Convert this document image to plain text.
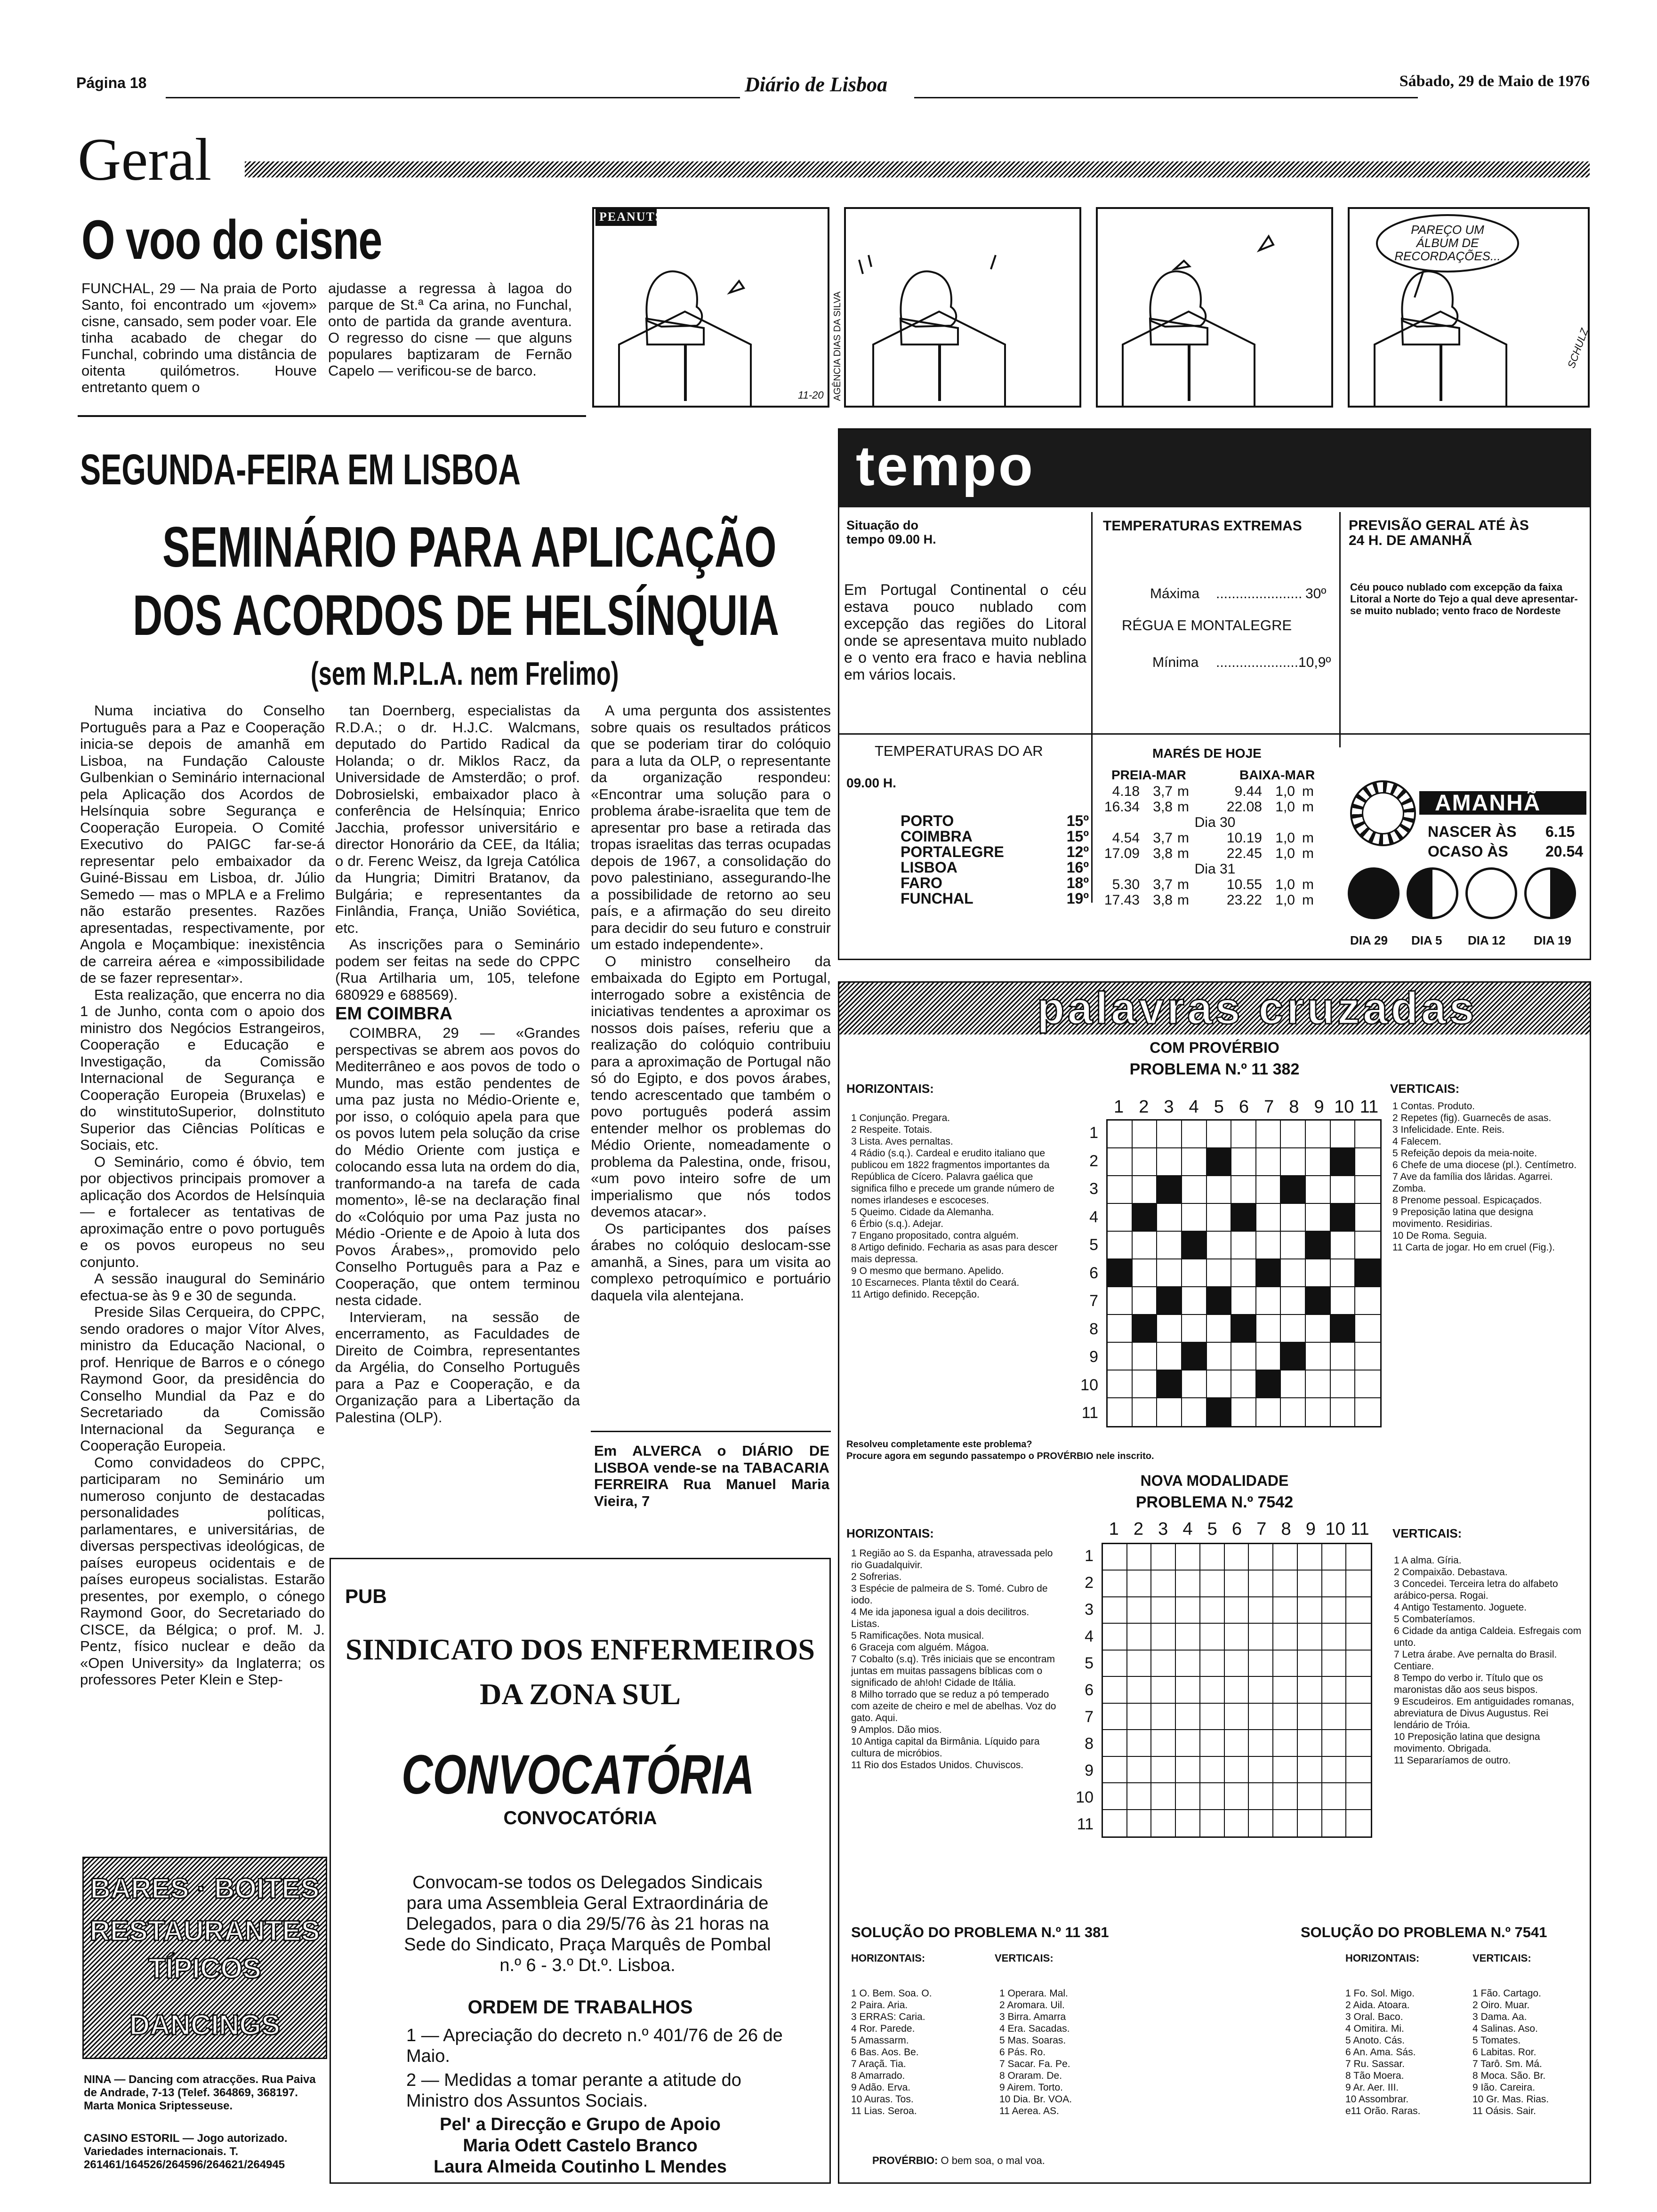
Página 18	Diário de Lisboa	Sábado, 29 de Maio de 1976
Geral
O voo do cisne
FUNCHAL, 29 — Na praia de Porto Santo, foi encontrado um «jovem» cisne, cansado, sem poder voar. Ele tinha acabado de chegar do Funchal, cobrindo uma distância de oitenta quilómetros. Houve entretanto quem o
ajudasse a regressa à lagoa do parque de St.ª Ca arina, no Funchal, onto de partida da grande aventura. O regresso do cisne — que alguns populares baptizaram de Fernão Capelo — verificou-se de barco.
PEANUTS
PAREÇO UM ÁLBUM DE RECORDAÇÕES...
AGÊNCIA DIAS DA SILVA
11-20
SCHULZ
SEGUNDA-FEIRA EM LISBOA
SEMINÁRIO PARA APLICAÇÃO
DOS ACORDOS DE HELSÍNQUIA
(sem M.P.L.A. nem Frelimo)

Numa inciativa do Conselho Português para a Paz e Cooperação inicia-se depois de amanhã em Lisboa, na Fundação Calouste Gulbenkian o Seminário internacional pela Aplicação dos Acordos de Helsínquia sobre Segurança e Cooperação Europeia. O Comité Executivo do PAIGC far-se-á representar pelo embaixador da Guiné-Bissau em Lisboa, dr. Júlio Semedo — mas o MPLA e a Frelimo não estarão presentes. Razões apresentadas, respectivamente, por Angola e Moçambique: inexistência de carreira aérea e «impossibilidade de se fazer representar».

Esta realização, que encerra no dia 1 de Junho, conta com o apoio dos ministro dos Negócios Estrangeiros, Cooperação e Educação e Investigação, da Comissão Internacional de Segurança e Cooperação Europeia (Bruxelas) e do winstitutoSuperior, doInstituto Superior das Ciências Políticas e Sociais, etc.

O Seminário, como é óbvio, tem por objectivos principais promover a aplicação dos Acordos de Helsínquia — e fortalecer as tentativas de aproximação entre o povo português e os povos europeus no seu conjunto.

A sessão inaugural do Seminário efectua-se às 9 e 30 de segunda.

Preside Silas Cerqueira, do CPPC, sendo oradores o major Vítor Alves, ministro da Educação Nacional, o prof. Henrique de Barros e o cónego Raymond Goor, da presidência do Conselho Mundial da Paz e do Secretariado da Comissão Internacional da Segurança e Cooperação Europeia.

Como convidadeos do CPPC, participaram no Seminário um numeroso conjunto de destacadas personalidades políticas, parlamentares, e universitárias, de diversas perspectivas ideológicas, de países europeus ocidentais e de países europeus socialistas. Estarão presentes, por exemplo, o cónego Raymond Goor, do Secretariado do CISCE, da Bélgica; o prof. M. J. Pentz, físico nuclear e deão da «Open University» da Inglaterra; os professores Peter Klein e Step-

tan Doernberg, especialistas da R.D.A.; o dr. H.J.C. Walcmans, deputado do Partido Radical da Holanda; o dr. Miklos Racz, da Universidade de Amsterdão; o prof. Dobrosielski, embaixador placo à conferência de Helsínquia; Enrico Jacchia, professor universitário e director Honorário da CEE, da Itália; o dr. Ferenc Weisz, da Igreja Católica da Hungria; Dimitri Bratanov, da Bulgária; e representantes da Finlândia, França, União Soviética, etc.

As inscrições para o Seminário podem ser feitas na sede do CPPC (Rua Artilharia um, 105, telefone 680929 e 688569).

EM COIMBRA

COIMBRA, 29 — «Grandes perspectivas se abrem aos povos do Mediterrâneo e aos povos de todo o Mundo, mas estão pendentes de uma paz justa no Médio-Oriente e, por isso, o colóquio apela para que os povos lutem pela solução da crise do Médio Oriente com justiça e colocando essa luta na ordem do dia, tranformando-a na tarefa de cada momento», lê-se na declaração final do «Colóquio por uma Paz justa no Médio -Oriente e de Apoio à luta dos Povos Árabes»,, promovido pelo Conselho Português para a Paz e Cooperação, que ontem terminou nesta cidade.

Intervieram, na sessão de encerramento, as Faculdades de Direito de Coimbra, representantes da Argélia, do Conselho Português para a Paz e Cooperação, e da Organização para a Libertação da Palestina (OLP).

A uma pergunta dos assistentes sobre quais os resultados práticos que se poderiam tirar do colóquio para a luta da OLP, o representante da organização respondeu: «Encontrar uma solução para o problema árabe-israelita que tem de apresentar pro base a retirada das tropas israelitas das terras ocupadas depois de 1967, a consolidação do povo palestiniano, assegurando-lhe a possibilidade de retorno ao seu país, e a afirmação do seu direito para decidir do seu futuro e construir um estado independente».

O ministro conselheiro da embaixada do Egipto em Portugal, interrogado sobre a existência de iniciativas tendentes a aproximar os nossos dois países, referiu que a realização do colóquio contribuiu para a aproximação de Portugal não só do Egipto, e dos povos árabes, tendo acrescentado que também o povo português poderá assim entender melhor os problemas do Médio Oriente, nomeadamente o problema da Palestina, onde, frisou, «um povo inteiro sofre de um imperialismo que nós todos devemos atacar».

Os participantes dos países árabes no colóquio deslocam-sse amanhã, a Sines, para um visita ao complexo petroquímico e portuário daquela vila alentejana.

Em ALVERCA o DIÁRIO DE LISBOA vende-se na TABACARIA FERREIRA Rua Manuel Maria Vieira, 7
BARES · BOITES
RESTAURANTES
TÍPICOS
DANCINGS
NINA — Dancing com atracções. Rua Paiva de Andrade, 7-13 (Telef. 364869, 368197. Marta Monica Sriptesseuse.
CASINO ESTORIL — Jogo autorizado. Variedades internacionais. T. 261461/164526/264596/264621/264945
PUB
SINDICATO DOS ENFERMEIROS
DA ZONA SUL
CONVOCATÓRIA
CONVOCATÓRIA
Convocam-se todos os Delegados Sindicais para uma Assembleia Geral Extraordinária de Delegados, para o dia 29/5/76 às 21 horas na Sede do Sindicato, Praça Marquês de Pombal n.º 6 - 3.º Dt.º. Lisboa.
ORDEM DE TRABALHOS
1 — Apreciação do decreto n.º 401/76 de 26 de Maio.
2 — Medidas a tomar perante a atitude do Ministro dos Assuntos Sociais.
Pel' a Direcção e Grupo de Apoio
Maria Odett Castelo Branco
Laura Almeida Coutinho L Mendes
tempo
Situação do tempo 09.00 H.
Em Portugal Continental o céu estava pouco nublado com excepção das regiões do Litoral onde se apresentava muito nublado e o vento era fraco e havia neblina em vários locais.
TEMPERATURAS EXTREMAS
Máxima ...................... 30º
RÉGUA E MONTALEGRE
Mínima ......................
10,9º
PREVISÃO GERAL ATÉ ÀS 24 H. DE AMANHÃ
Céu pouco nublado com excepção da faixa Litoral a Norte do Tejo a qual deve apresentar-se muito nublado; vento fraco de Nordeste
TEMPERATURAS DO AR
09.00 H.
PORTO	15º
COIMBRA	15º
PORTALEGRE	12º
LISBOA	16º
FARO	18º
FUNCHAL	19º
MARÉS DE HOJE
PREIA-MAR	BAIXA-MAR
4.18 3,7 m	9.44 1,0 m
16.34 3,8 m	22.08 1,0 m
Dia 30
4.54 3,7 m	10.19 1,0 m
17.09 3,8 m	22.45 1,0 m
Dia 31
5.30 3,7 m	10.55 1,0 m
17.43 3,8 m	23.22 1,0 m
AMANHÃ
NASCER ÀS 6.15
OCASO ÀS 20.54
DIA 29 DIA 5 DIA 12 DIA 19
palavras cruzadas
COM PROVÉRBIO
PROBLEMA N.º 11 382
HORIZONTAIS:	VERTICAIS:
1 2 3 4 5 6 7 8 9 10 11
1
2
3
4
5
6
7
8
9
10
11
1 Conjunção. Pregara.
2 Respeite. Totais.
3 Lista. Aves pernaltas.
4 Rádio (s.q.). Cardeal e erudito italiano que publicou em 1822 fragmentos importantes da República de Cícero. Palavra gaélica que significa filho e precede um grande número de nomes irlandeses e escoceses.
5 Queimo. Cidade da Alemanha.
6 Érbio (s.q.). Adejar.
7 Engano propositado, contra alguém.
8 Artigo definido. Fecharia as asas para descer mais depressa.
9 O mesmo que bermano. Apelido.
10 Escarneces. Planta têxtil do Ceará.
11 Artigo definido. Recepção.
1 Contas. Produto.
2 Repetes (fig). Guarnecês de asas.
3 Infelicidade. Ente. Reis.
4 Falecem.
5 Refeição depois da meia-noite.
6 Chefe de uma diocese (pl.). Centímetro.
7 Ave da família dos lâridas. Agarrei. Zomba.
8 Prenome pessoal. Espicaçados.
9 Preposição latina que designa movimento. Residirias.
10 De Roma. Seguia.
11 Carta de jogar. Ho em cruel (Fig.).
Resolveu completamente este problema?
Procure agora em segundo passatempo o PROVÉRBIO nele inscrito.
NOVA MODALIDADE
PROBLEMA N.º 7542
HORIZONTAIS:	VERTICAIS:
1 2 3 4 5 6 7 8 9 10 11
1
2
3
4
5
6
7
8
9
10
11
1 Região ao S. da Espanha, atravessada pelo rio Guadalquivir.
2 Sofrerias.
3 Espécie de palmeira de S. Tomé. Cubro de iodo.
4 Me ida japonesa igual a dois decilitros. Listas.
5 Ramificações. Nota musical.
6 Graceja com alguém. Mágoa.
7 Cobalto (s.q). Três iniciais que se encontram juntas em muitas passagens bíblicas com o significado de ah!oh! Cidade de Itália.
8 Milho torrado que se reduz a pó temperado com azeite de cheiro e mel de abelhas. Voz do gato. Aqui.
9 Amplos. Dão mios.
10 Antiga capital da Birmânia. Líquido para cultura de micróbios.
11 Rio dos Estados Unidos. Chuviscos.
1 A alma. Gíria.
2 Compaixão. Debastava.
3 Concedei. Terceira letra do alfabeto arábico-persa. Rogai.
4 Antigo Testamento. Joguete.
5 Combateríamos.
6 Cidade da antiga Caldeia. Esfregais com unto.
7 Letra árabe. Ave pernalta do Brasil. Centiare.
8 Tempo do verbo ir. Título que os maronistas dão aos seus bispos.
9 Escudeiros. Em antiguidades romanas, abreviatura de Divus Augustus. Rei lendário de Tróia.
10 Preposição latina que designa movimento. Obrigada.
11 Separaríamos de outro.
SOLUÇÃO DO PROBLEMA N.º 11 381
HORIZONTAIS:	VERTICAIS:
1 O. Bem. Soa. O.
2 Paira. Aria.
3 ERRAS: Caria.
4 Ror. Parede.
5 Amassarm.
6 Bas. Aos. Be.
7 Araçã. Tia.
8 Amarrado.
9 Adão. Erva.
10 Auras. Tos.
11 Lias. Seroa.
1 Operara. Mal.
2 Aromara. Uil.
3 Birra. Amarra
4 Era. Sacadas.
5 Mas. Soaras.
6 Pás. Ro.
7 Sacar. Fa. Pe.
8 Oraram. De.
9 Airem. Torto.
10 Dia. Br. VOA.
11 Aerea. AS.
PROVÉRBIO: O bem soa, o mal voa.
SOLUÇÃO DO PROBLEMA N.º 7541
HORIZONTAIS:	VERTICAIS:
1 Fo. Sol. Migo.
2 Aida. Atoara.
3 Oral. Baco.
4 Omitira. Mi.
5 Anoto. Cás.
6 An. Ama. Sás.
7 Ru. Sassar.
8 Tão Moera.
9 Ar. Aer. III.
10 Assombrar.
e11 Orão. Raras.
1 Fão. Cartago.
2 Oiro. Muar.
3 Dama. Aa.
4 Salinas. Aso.
5 Tomates.
6 Labitas. Ror.
7 Tarô. Sm. Má.
8 Moca. São. Br.
9 Ião. Careira.
10 Gr. Mas. Rias.
11 Oásis. Sair.
